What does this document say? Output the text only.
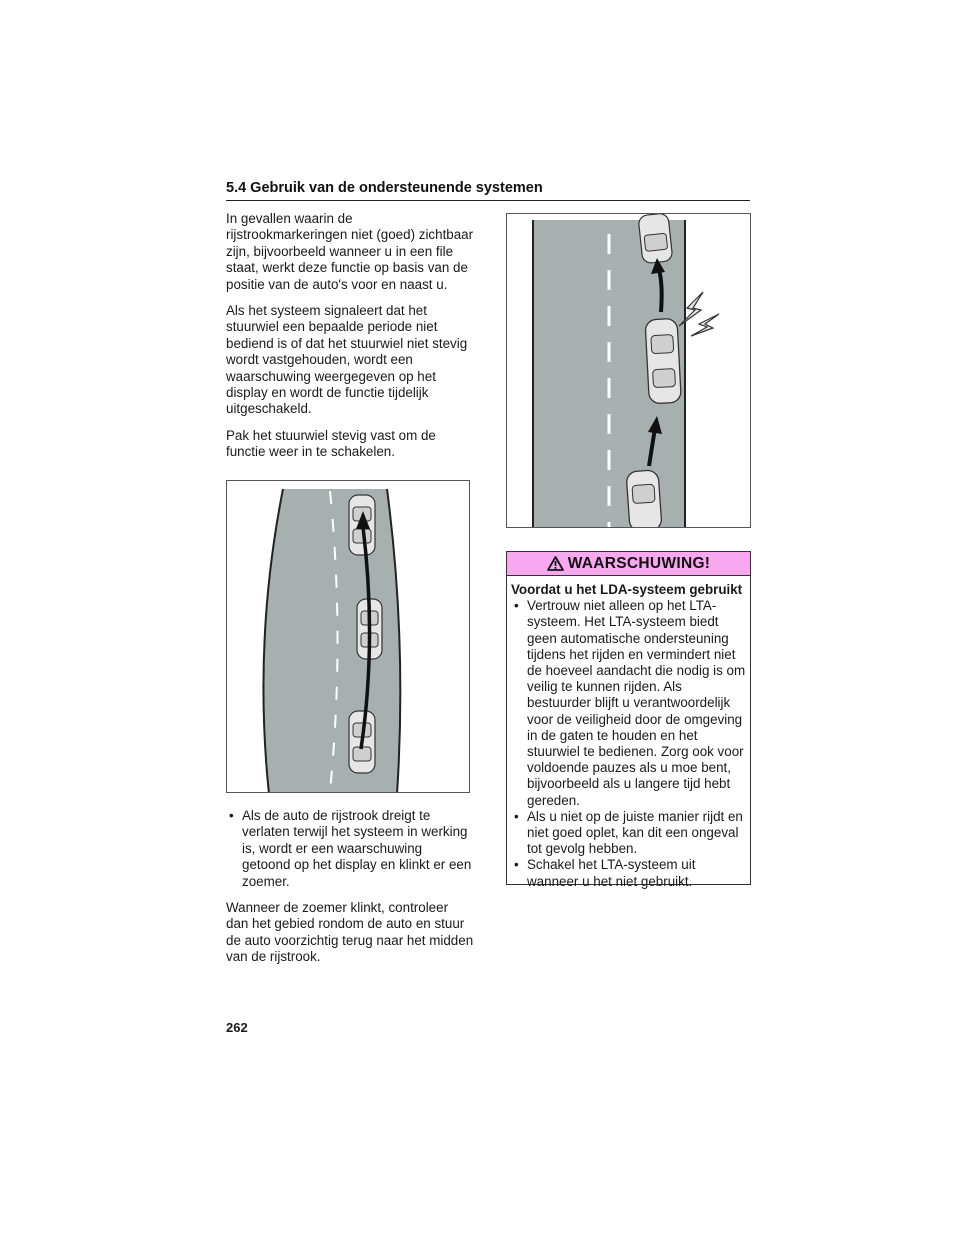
5.4 Gebruik van de ondersteunende systemen

In gevallen waarin de rijstrookmarkeringen niet (goed) zichtbaar zijn, bijvoorbeeld wanneer u in een file staat, werkt deze functie op basis van de positie van de auto's voor en naast u.

Als het systeem signaleert dat het stuurwiel een bepaalde periode niet bediend is of dat het stuurwiel niet stevig wordt vastgehouden, wordt een waarschuwing weergegeven op het display en wordt de functie tijdelijk uitgeschakeld.

Pak het stuurwiel stevig vast om de functie weer in te schakelen.

• Als de auto de rijstrook dreigt te verlaten terwijl het systeem in werking is, wordt er een waarschuwing getoond op het display en klinkt er een zoemer.

Wanneer de zoemer klinkt, controleer dan het gebied rondom de auto en stuur de auto voorzichtig terug naar het midden van de rijstrook.

WAARSCHUWING!
Voordat u het LDA-systeem gebruikt
• Vertrouw niet alleen op het LTA-systeem. Het LTA-systeem biedt geen automatische ondersteuning tijdens het rijden en vermindert niet de hoeveel aandacht die nodig is om veilig te kunnen rijden. Als bestuurder blijft u verantwoordelijk voor de veiligheid door de omgeving in de gaten te houden en het stuurwiel te bedienen. Zorg ook voor voldoende pauzes als u moe bent, bijvoorbeeld als u langere tijd hebt gereden.
• Als u niet op de juiste manier rijdt en niet goed oplet, kan dit een ongeval tot gevolg hebben.
• Schakel het LTA-systeem uit wanneer u het niet gebruikt.
262
